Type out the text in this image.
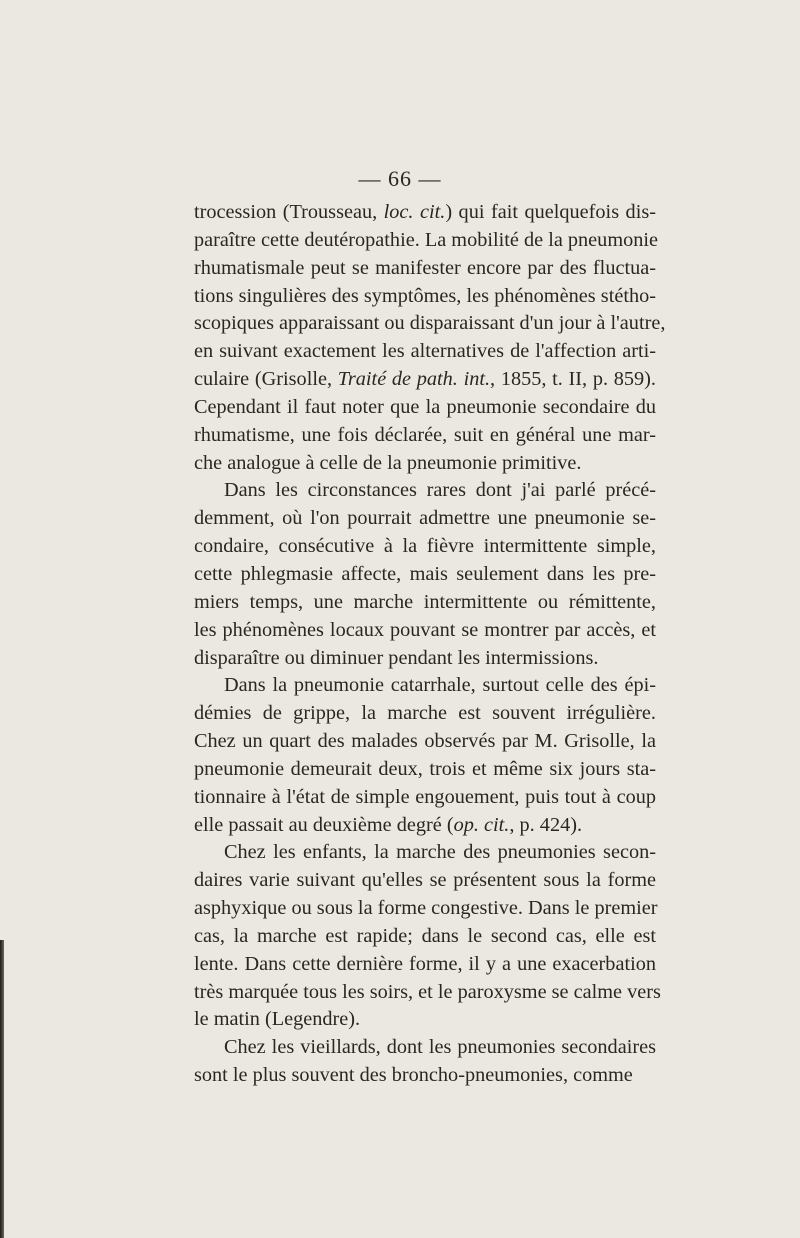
— 66 —
trocession (Trousseau, loc. cit.) qui fait quelquefois dis-
paraître cette deutéropathie. La mobilité de la pneumonie
rhumatismale peut se manifester encore par des fluctua-
tions singulières des symptômes, les phénomènes stétho-
scopiques apparaissant ou disparaissant d'un jour à l'autre,
en suivant exactement les alternatives de l'affection arti-
culaire (Grisolle, Traité de path. int., 1855, t. II, p. 859).
Cependant il faut noter que la pneumonie secondaire du
rhumatisme, une fois déclarée, suit en général une mar-
che analogue à celle de la pneumonie primitive.
Dans les circonstances rares dont j'ai parlé précé-
demment, où l'on pourrait admettre une pneumonie se-
condaire, consécutive à la fièvre intermittente simple,
cette phlegmasie affecte, mais seulement dans les pre-
miers temps, une marche intermittente ou rémittente,
les phénomènes locaux pouvant se montrer par accès, et
disparaître ou diminuer pendant les intermissions.
Dans la pneumonie catarrhale, surtout celle des épi-
démies de grippe, la marche est souvent irrégulière.
Chez un quart des malades observés par M. Grisolle, la
pneumonie demeurait deux, trois et même six jours sta-
tionnaire à l'état de simple engouement, puis tout à coup
elle passait au deuxième degré (op. cit., p. 424).
Chez les enfants, la marche des pneumonies secon-
daires varie suivant qu'elles se présentent sous la forme
asphyxique ou sous la forme congestive. Dans le premier
cas, la marche est rapide; dans le second cas, elle est
lente. Dans cette dernière forme, il y a une exacerbation
très marquée tous les soirs, et le paroxysme se calme vers
le matin (Legendre).
Chez les vieillards, dont les pneumonies secondaires
sont le plus souvent des broncho-pneumonies, comme
